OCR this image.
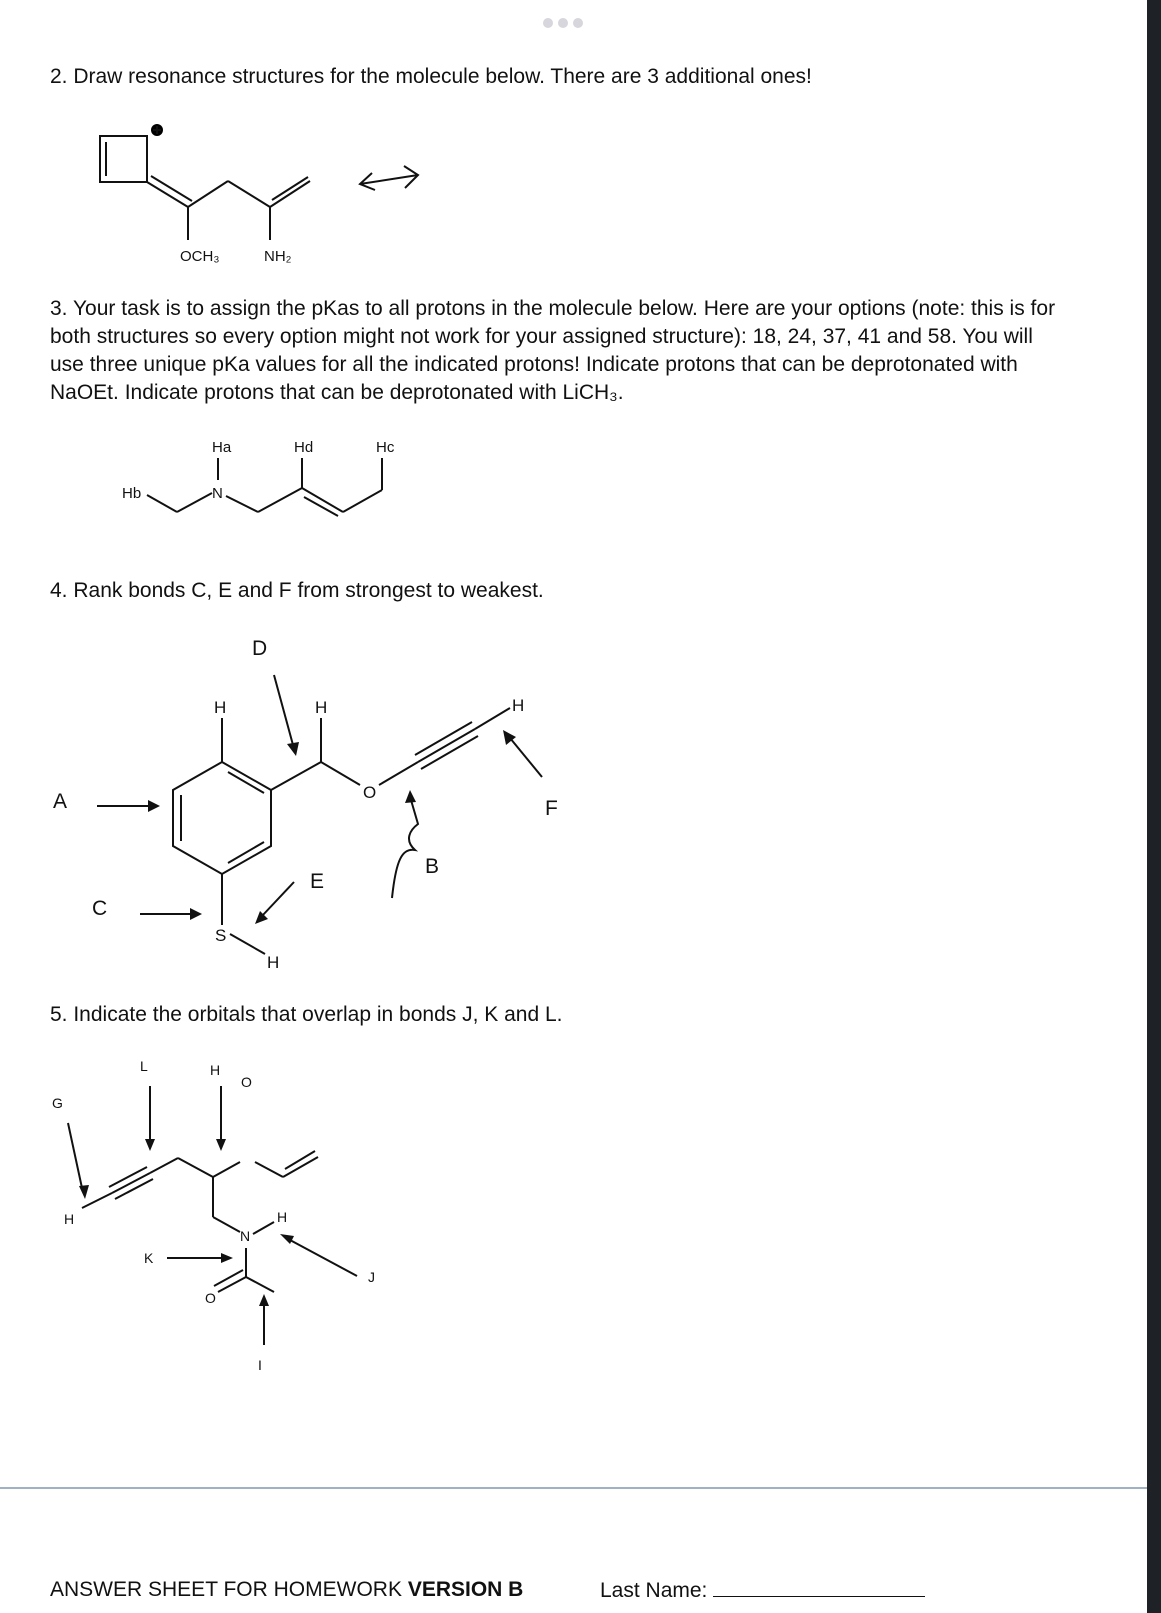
2. Draw resonance structures for the molecule below. There are 3 additional ones!

OCH₃	NH₂

3. Your task is to assign the pKas to all protons in the molecule below. Here are your options (note: this is for both structures so every option might not work for your assigned structure): 18, 24, 37, 41 and 58. You will use three unique pKa values for all the indicated protons! Indicate protons that can be deprotonated with NaOEt. Indicate protons that can be deprotonated with LiCH₃.

Hb
Ha	Hd	Hc
N

4. Rank bonds C, E and F from strongest to weakest.

D
H	H	H
A	F
B
E
C
S
H
O

5. Indicate the orbitals that overlap in bonds J, K and L.

G
L	H
H
K
O
N
H
O
J
I
ANSWER SHEET FOR HOMEWORK VERSION B	Last Name:
